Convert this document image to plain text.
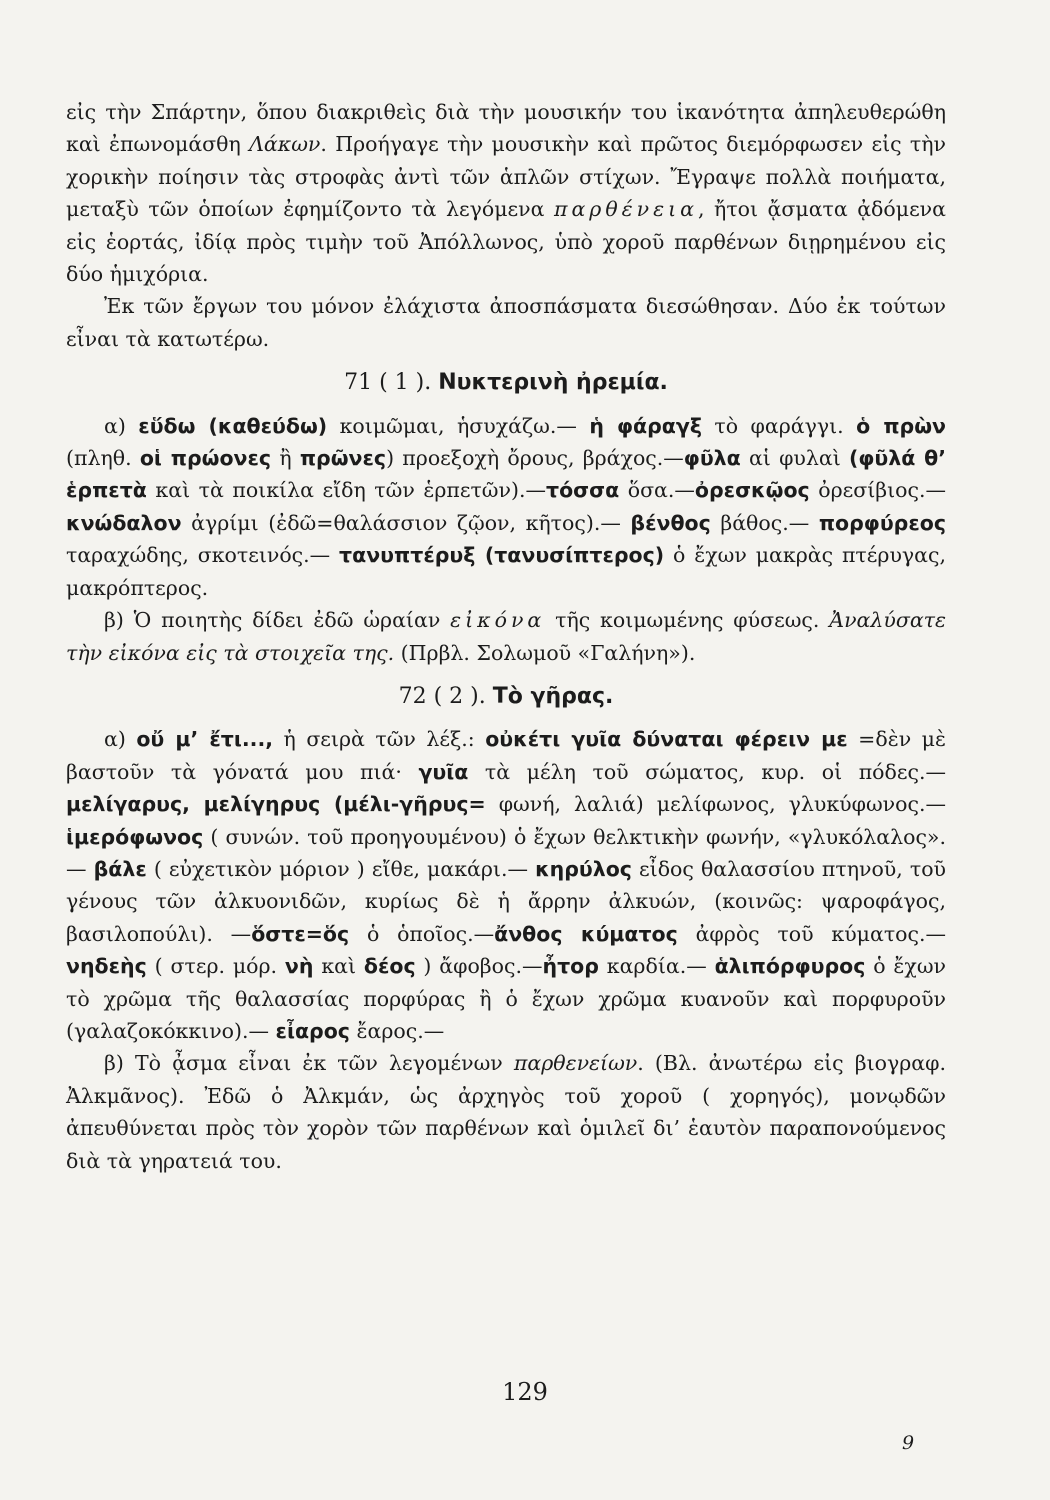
εἰς τὴν Σπάρτην, ὅπου διακριθεὶς διὰ τὴν μουσικήν του ἱκανότητα ἀπηλευθερώθη καὶ ἐπωνομάσθη Λάκων. Προήγαγε τὴν μουσικὴν καὶ πρῶτος διεμόρφωσεν εἰς τὴν χορικὴν ποίησιν τὰς στροφὰς ἀντὶ τῶν ἁπλῶν στίχων. Ἔγραψε πολλὰ ποιήματα, μεταξὺ τῶν ὁποίων ἐφημίζοντο τὰ λεγόμενα παρθένεια, ἤτοι ᾄσματα ᾀδόμενα εἰς ἑορτάς, ἰδίᾳ πρὸς τιμὴν τοῦ Ἀπόλλωνος, ὑπὸ χοροῦ παρθένων διῃρημένου εἰς δύο ἡμιχόρια.

Ἐκ τῶν ἔργων του μόνον ἐλάχιστα ἀποσπάσματα διεσώθησαν. Δύο ἐκ τούτων εἶναι τὰ κατωτέρω.

71 ( 1 ). Νυκτερινὴ ἠρεμία.

α) εὕδω (καθεύδω) κοιμῶμαι, ἡσυχάζω.— ἡ φάραγξ τὸ φαράγγι. ὁ πρὼν (πληθ. οἱ πρώονες ἢ πρῶνες) προεξοχὴ ὄρους, βράχος.—φῦλα αἱ φυλαὶ (φῦλά θ’ ἑρπετὰ καὶ τὰ ποικίλα εἴδη τῶν ἑρπετῶν).—τόσσα ὅσα.—ὀρεσκῷος ὀρεσίβιος.—κνώδαλον ἀγρίμι (ἐδῶ=θαλάσσιον ζῷον, κῆτος).— βένθος βάθος.— πορφύρεος ταραχώδης, σκοτεινός.— τανυπτέρυξ (τανυσίπτερος) ὁ ἔχων μακρὰς πτέρυγας, μακρόπτερος.

β) Ὁ ποιητὴς δίδει ἐδῶ ὡραίαν εἰκόνα τῆς κοιμωμένης φύσεως. Ἀναλύσατε τὴν εἰκόνα εἰς τὰ στοιχεῖα της. (Πρβλ. Σολωμοῦ «Γαλήνη»).

72 ( 2 ). Τὸ γῆρας.

α) οὔ μ’ ἔτι..., ἡ σειρὰ τῶν λέξ.: οὐκέτι γυῖα δύναται φέρειν με =δὲν μὲ βαστοῦν τὰ γόνατά μου πιά· γυῖα τὰ μέλη τοῦ σώματος, κυρ. οἱ πόδες.— μελίγαρυς, μελίγηρυς (μέλι-γῆρυς= φωνή, λαλιά) μελίφωνος, γλυκύφωνος.— ἱμερόφωνος ( συνών. τοῦ προηγουμένου) ὁ ἔχων θελκτικὴν φωνήν, «γλυκόλαλος».— βάλε ( εὐχετικὸν μόριον ) εἴθε, μακάρι.— κηρύλος εἶδος θαλασσίου πτηνοῦ, τοῦ γένους τῶν ἀλκυονιδῶν, κυρίως δὲ ἡ ἄρρην ἀλκυών, (κοινῶς: ψαροφάγος, βασιλοπούλι). —ὅστε=ὅς ὁ ὁποῖος.—ἄνθος κύματος ἀφρὸς τοῦ κύματος.—νηδεὴς ( στερ. μόρ. νὴ καὶ δέος ) ἄφοβος.—ἦτορ καρδία.— ἁλιπόρφυρος ὁ ἔχων τὸ χρῶμα τῆς θαλασσίας πορφύρας ἢ ὁ ἔχων χρῶμα κυανοῦν καὶ πορφυροῦν (γαλαζοκόκκινο).— εἶαρος ἔαρος.—

β) Τὸ ᾆσμα εἶναι ἐκ τῶν λεγομένων παρθενείων. (Βλ. ἀνωτέρω εἰς βιογραφ. Ἀλκμᾶνος). Ἐδῶ ὁ Ἀλκμάν, ὡς ἀρχηγὸς τοῦ χοροῦ ( χορηγός), μονῳδῶν ἀπευθύνεται πρὸς τὸν χορὸν τῶν παρθένων καὶ ὁμιλεῖ δι’ ἑαυτὸν παραπονούμενος διὰ τὰ γηρατειά του.

129
9
